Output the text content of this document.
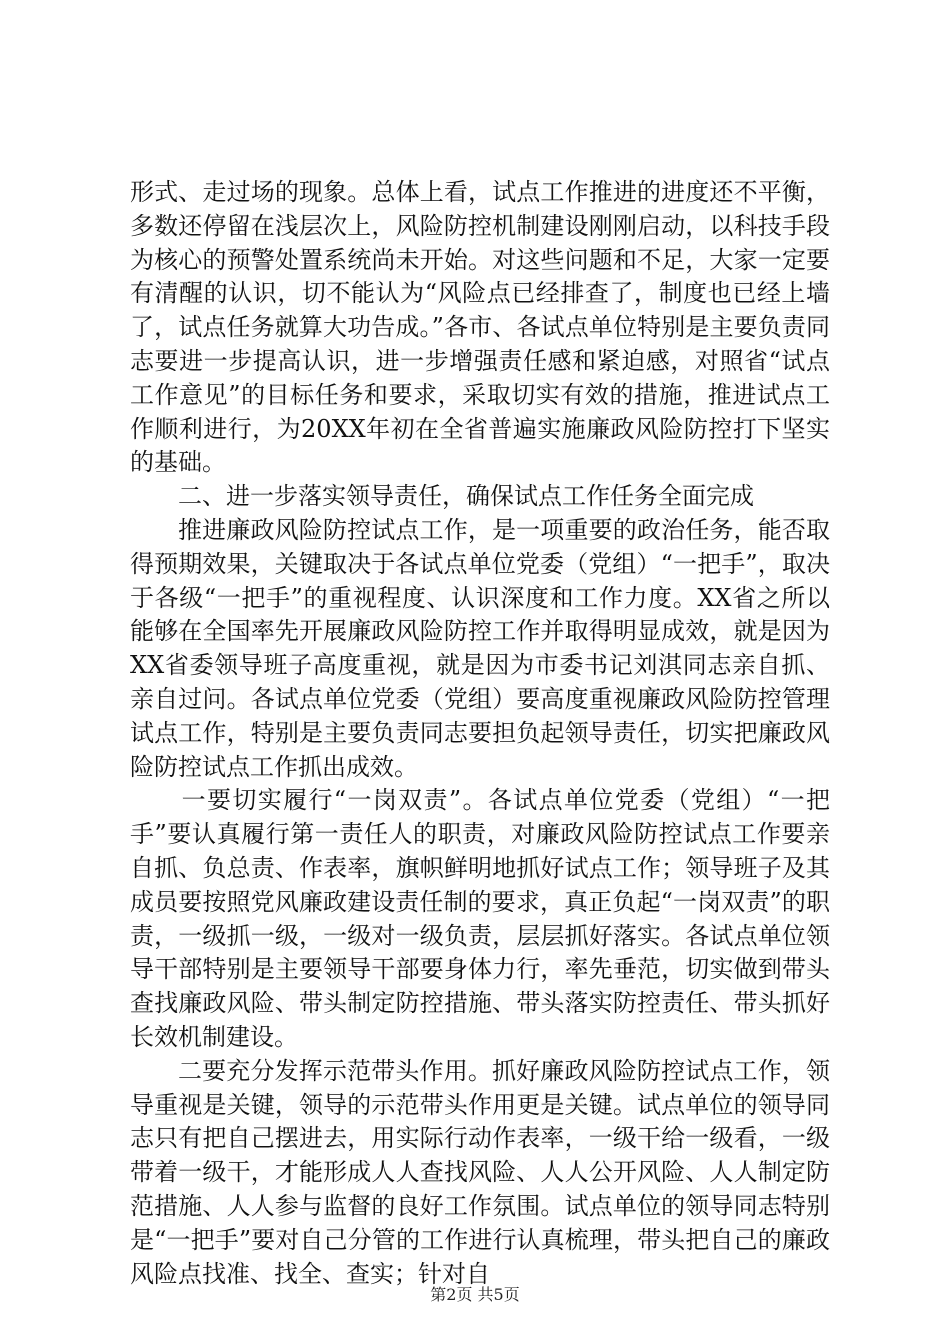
形式、走过场的现象。总体上看，试点工作推进的进度还不平衡，多数还停留在浅层次上，风险防控机制建设刚刚启动，以科技手段为核心的预警处置系统尚未开始。对这些问题和不足，大家一定要有清醒的认识，切不能认为“风险点已经排查了，制度也已经上墙了，试点任务就算大功告成。”各市、各试点单位特别是主要负责同志要进一步提高认识，进一步增强责任感和紧迫感，对照省“试点工作意见”的目标任务和要求，采取切实有效的措施，推进试点工作顺利进行，为20XX年初在全省普遍实施廉政风险防控打下坚实的基础。

二、进一步落实领导责任，确保试点工作任务全面完成

推进廉政风险防控试点工作，是一项重要的政治任务，能否取得预期效果，关键取决于各试点单位党委（党组）“一把手”，取决于各级“一把手”的重视程度、认识深度和工作力度。XX省之所以能够在全国率先开展廉政风险防控工作并取得明显成效，就是因为XX省委领导班子高度重视，就是因为市委书记刘淇同志亲自抓、亲自过问。各试点单位党委（党组）要高度重视廉政风险防控管理试点工作，特别是主要负责同志要担负起领导责任，切实把廉政风险防控试点工作抓出成效。

一要切实履行“一岗双责”。各试点单位党委（党组）“一把手”要认真履行第一责任人的职责，对廉政风险防控试点工作要亲自抓、负总责、作表率，旗帜鲜明地抓好试点工作；领导班子及其成员要按照党风廉政建设责任制的要求，真正负起“一岗双责”的职责，一级抓一级，一级对一级负责，层层抓好落实。各试点单位领导干部特别是主要领导干部要身体力行，率先垂范，切实做到带头查找廉政风险、带头制定防控措施、带头落实防控责任、带头抓好长效机制建设。

二要充分发挥示范带头作用。抓好廉政风险防控试点工作，领导重视是关键，领导的示范带头作用更是关键。试点单位的领导同志只有把自己摆进去，用实际行动作表率，一级干给一级看，一级带着一级干，才能形成人人查找风险、人人公开风险、人人制定防范措施、人人参与监督的良好工作氛围。试点单位的领导同志特别是“一把手”要对自己分管的工作进行认真梳理，带头把自己的廉政风险点找准、找全、查实；针对自

第2页 共5页
